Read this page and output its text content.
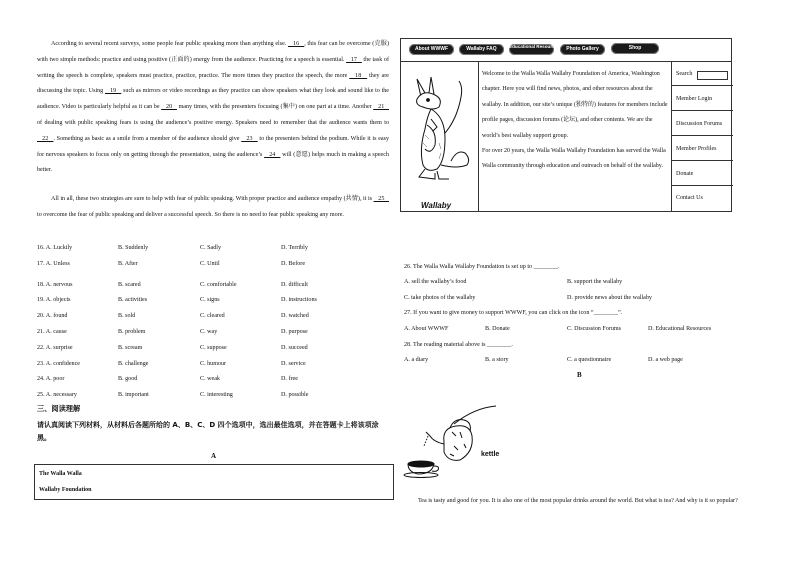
According to several recent surveys, some people fear public speaking more than anything else.    16   , this fear can be overcome (克服) with two simple methods: practice and using positive (正面的) energy from the audience. Practicing for a speech is essential.    17    the task of writing the speech is complete, speakers must practice, practice, practice. The more times they practice the speech, the more    18    they are discussing the topic. Using    19    such as mirrors or video recordings as they practice can show speakers what they look and sound like to the audience. Video is particularly helpful as it can be    20    many times, with the presenters focusing (集中) on one part at a time. Another    21    of dealing with public speaking fears is using the audience’s positive energy. Speakers need to remember that the audience wants them to    22   . Something as basic as a smile from a member of the audience should give    23    to the presenters behind the podium. While it is easy for nervous speakers to focus only on getting through the presentation, using the audience’s    24    will (意愿) helps much in making a speech better.
All in all, these two strategies are sure to help with fear of public speaking. With proper practice and audience empathy (共情), it is    25    to overcome the fear of public speaking and deliver a successful speech. So there is no need to fear public speaking any more.
16. A. Luckily	B. Suddenly	C. Sadly	D. Terribly
17. A. Unless	B. After	C. Until	D. Before
18. A. nervous	B. scared	C. comfortable	D. difficult
19. A. objects	B. activities	C. signs	D. instructions
20. A. found	B. sold	C. cleared	D. watched
21. A. cause	B. problem	C. way	D. purpose
22. A. surprise	B. scream	C. suppose	D. succeed
23. A. confidence	B. challenge	C. humour	D. service
24. A. poor	B. good	C. weak	D. free
25. A. necessary	B. important	C. interesting	D. possible
三、阅读理解
请认真阅读下列材料，从材料后各题所给的 A、B、C、D 四个选项中，选出最佳选项，并在答题卡上将该项涂黑。
A
The Walla Walla
Wallaby Foundation
About WWWF	Wallaby FAQ	Educational Resources	Photo Gallery	Shop
Wallaby
Welcome to the Walla Walla Wallaby Foundation of America, Washington chapter. Here you will find news, photos, and other resources about the wallaby. In addition, our site’s unique (独特的) features for members include profile pages, discussion forums (论坛), and other contents. We are the world’s best wallaby support group.
For over 20 years, the Walla Walla Wallaby Foundation has served the Walla Walla community through education and outreach on behalf of the wallaby.
Search
Member Login
Discussion Forums
Member Profiles
Donate
Contact Us
26. The Walla Walla Wallaby Foundation is set up to ________.
A. sell the wallaby’s food	B. support the wallaby
C. take photos of the wallaby	D. provide news about the wallaby
27. If you want to give money to support WWWF, you can click on the icon “________”.
A. About WWWF	B. Donate	C. Discussion Forums	D. Educational Resources
28. The reading material above is ________.
A. a diary	B. a story	C. a questionnaire	D. a web page
B
kettle
Tea is tasty and good for you. It is also one of the most popular drinks around the world. But what is tea? And why is it so popular?
